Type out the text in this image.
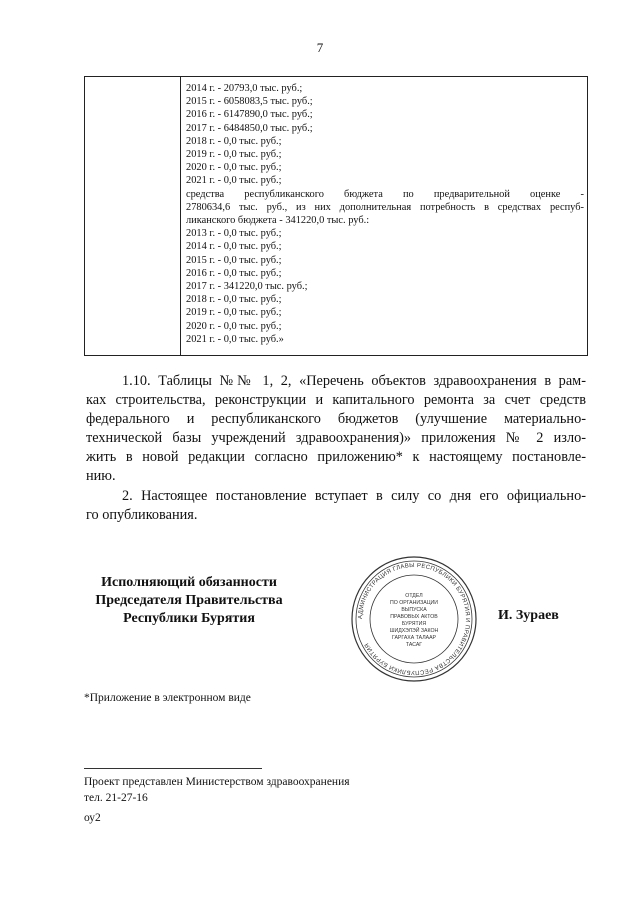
7
2014 г. - 20793,0 тыс. руб.;
2015 г. - 6058083,5 тыс. руб.;
2016 г. - 6147890,0 тыс. руб.;
2017 г. - 6484850,0 тыс. руб.;
2018 г. - 0,0 тыс. руб.;
2019 г. - 0,0 тыс. руб.;
2020 г. - 0,0 тыс. руб.;
2021 г. - 0,0 тыс. руб.;
средства республиканского бюджета по предварительной оценке -
2780634,6 тыс. руб., из них дополнительная потребность в средствах респуб-
ликанского бюджета - 341220,0 тыс. руб.:
2013 г. - 0,0 тыс. руб.;
2014 г. - 0,0 тыс. руб.;
2015 г. - 0,0 тыс. руб.;
2016 г. - 0,0 тыс. руб.;
2017 г. - 341220,0 тыс. руб.;
2018 г. - 0,0 тыс. руб.;
2019 г. - 0,0 тыс. руб.;
2020 г. - 0,0 тыс. руб.;
2021 г. - 0,0 тыс. руб.»
1.10. Таблицы №№ 1, 2, «Перечень объектов здравоохранения в рам-
ках строительства, реконструкции и капитального ремонта за счет средств
федерального и республиканского бюджетов (улучшение материально-
технической базы учреждений здравоохранения)» приложения № 2 изло-
жить в новой редакции согласно приложению* к настоящему постановле-
нию.
2. Настоящее постановление вступает в силу со дня его официально-
го опубликования.
Исполняющий обязанности
Председателя Правительства
Республики Бурятия	АДМИНИСТРАЦИЯ ГЛАВЫ РЕСПУБЛИКИ БУРЯТИЯ И ПРАВИТЕЛЬСТВА РЕСПУБЛИКИ БУРЯТИЯ
ОТДЕЛ
ПО ОРГАНИЗАЦИИ
ВЫПУСКА
ПРАВОВЫХ АКТОВ
БУРЯТИЯ
ШИДХЭЛЭЙ ЗАКОН
ГАРГАХА ТАЛААР
ТАСАГ
И. Зураев
*Приложение в электронном виде
Проект представлен Министерством здравоохранения
тел. 21-27-16
оу2
